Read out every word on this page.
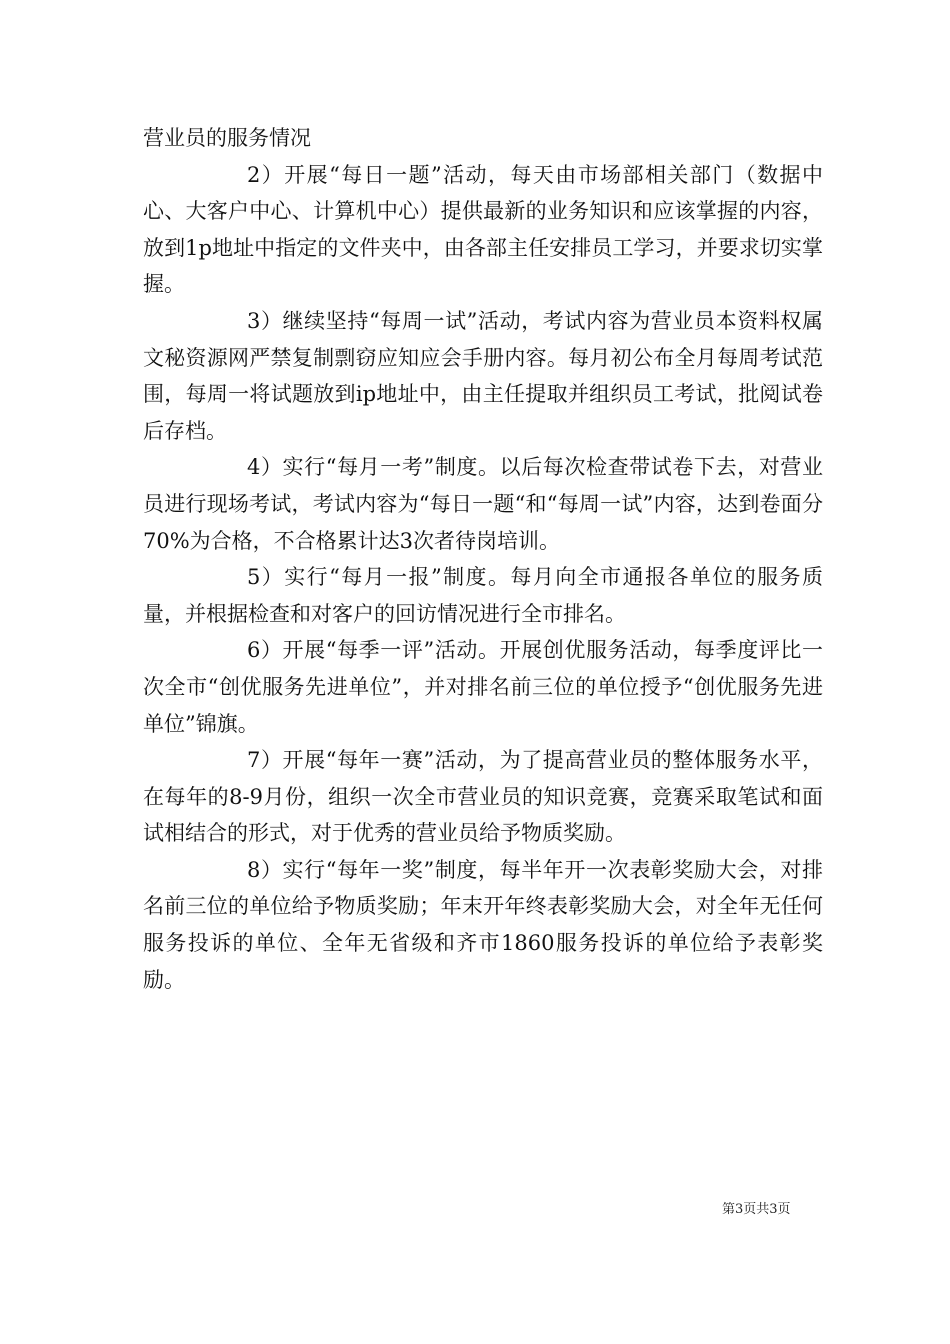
营业员的服务情况

2）开展“每日一题”活动，每天由市场部相关部门（数据中心、大客户中心、计算机中心）提供最新的业务知识和应该掌握的内容，放到1p地址中指定的文件夹中，由各部主任安排员工学习，并要求切实掌握。

3）继续坚持“每周一试”活动，考试内容为营业员本资料权属文秘资源网严禁复制剽窃应知应会手册内容。每月初公布全月每周考试范围，每周一将试题放到ip地址中，由主任提取并组织员工考试，批阅试卷后存档。

4）实行“每月一考”制度。以后每次检查带试卷下去，对营业员进行现场考试，考试内容为“每日一题“和“每周一试”内容，达到卷面分70%为合格，不合格累计达3次者待岗培训。

5）实行“每月一报”制度。每月向全市通报各单位的服务质量，并根据检查和对客户的回访情况进行全市排名。

6）开展“每季一评”活动。开展创优服务活动，每季度评比一次全市“创优服务先进单位”，并对排名前三位的单位授予“创优服务先进单位”锦旗。

7）开展“每年一赛”活动，为了提高营业员的整体服务水平，在每年的8-9月份，组织一次全市营业员的知识竞赛，竞赛采取笔试和面试相结合的形式，对于优秀的营业员给予物质奖励。

8）实行“每年一奖”制度，每半年开一次表彰奖励大会，对排名前三位的单位给予物质奖励；年末开年终表彰奖励大会，对全年无任何服务投诉的单位、全年无省级和齐市1860服务投诉的单位给予表彰奖励。

第3页共3页
